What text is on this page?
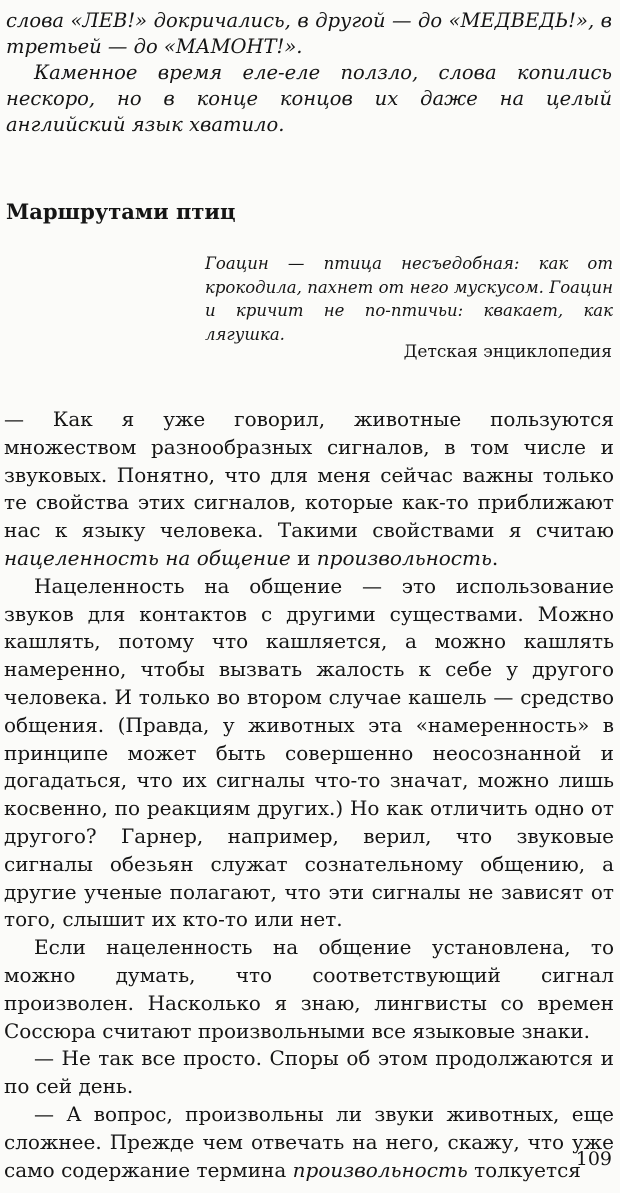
слова «ЛЕВ!» докричались, в другой — до «МЕДВЕДЬ!», в третьей — до «МАМОНТ!».

Каменное время еле-еле ползло, слова копились нескоро, но в конце концов их даже на целый английский язык хватило.

Маршрутами птиц
Гоацин — птица несъедобная: как от крокодила, пахнет от него мускусом. Гоацин и кричит не по-птичьи: квакает, как лягушка.
Детская энциклопедия

— Как я уже говорил, животные пользуются множеством разнообразных сигналов, в том числе и звуковых. Понятно, что для меня сейчас важны только те свойства этих сигналов, которые как-то приближают нас к языку человека. Такими свойствами я считаю нацеленность на общение и произвольность.

Нацеленность на общение — это использование звуков для контактов с другими существами. Можно кашлять, потому что кашляется, а можно кашлять намеренно, чтобы вызвать жалость к себе у другого человека. И только во втором случае кашель — средство общения. (Правда, у животных эта «намеренность» в принципе может быть совершенно неосознанной и догадаться, что их сигналы что-то значат, можно лишь косвенно, по реакциям других.) Но как отличить одно от другого? Гарнер, например, верил, что звуковые сигналы обезьян служат сознательному общению, а другие ученые полагают, что эти сигналы не зависят от того, слышит их кто-то или нет.

Если нацеленность на общение установлена, то можно думать, что соответствующий сигнал произволен. Насколько я знаю, лингвисты со времен Соссюра считают произвольными все языковые знаки.

— Не так все просто. Споры об этом продолжаются и по сей день.

— А вопрос, произвольны ли звуки животных, еще сложнее. Прежде чем отвечать на него, скажу, что уже само содержание термина произвольность толкуется

109
